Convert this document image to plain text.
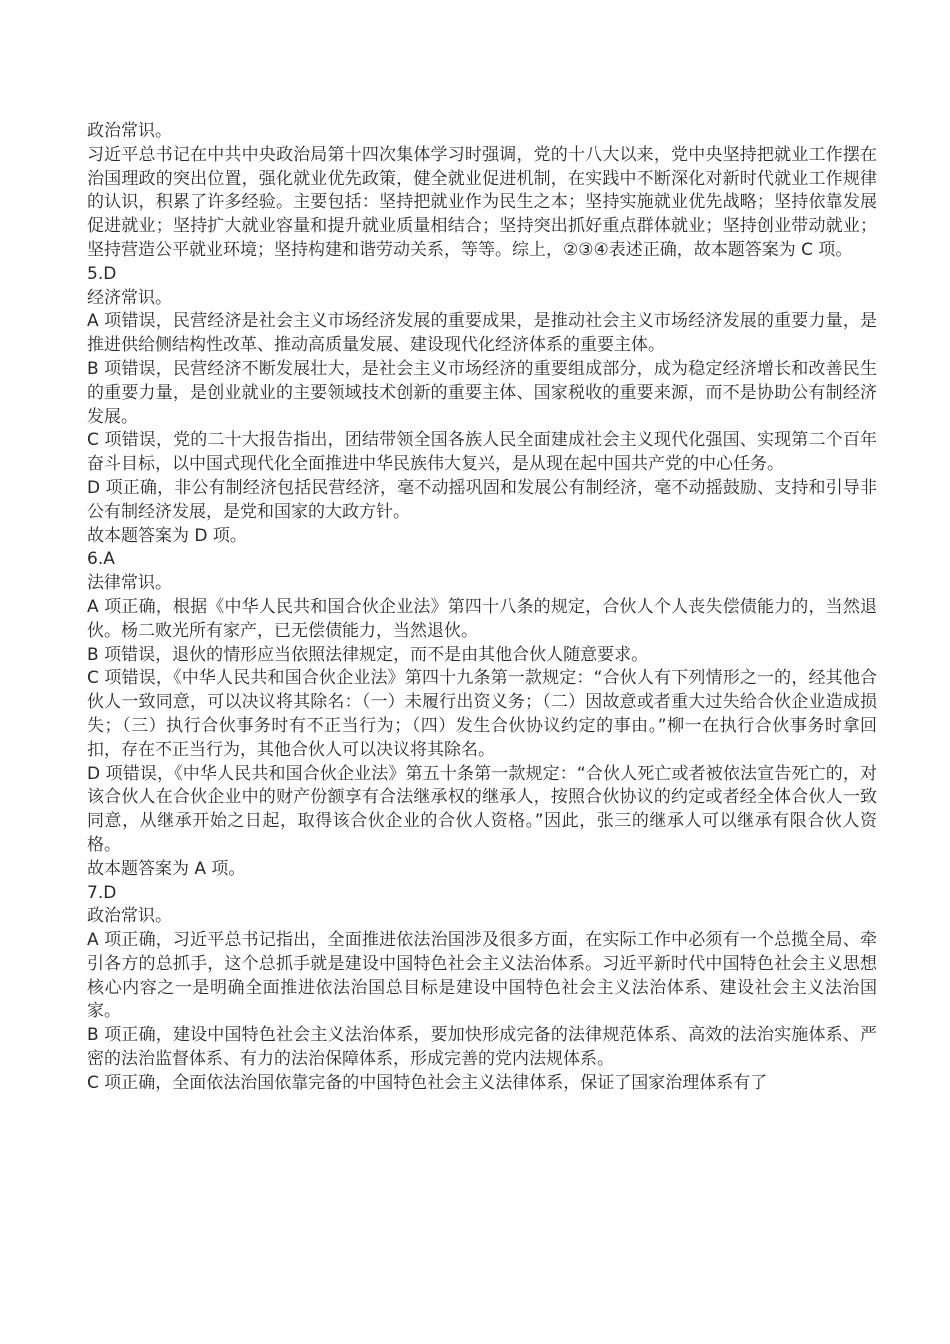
政治常识。

习近平总书记在中共中央政治局第十四次集体学习时强调，党的十八大以来，党中央坚持把就业工作摆在治国理政的突出位置，强化就业优先政策，健全就业促进机制，在实践中不断深化对新时代就业工作规律的认识，积累了许多经验。主要包括：坚持把就业作为民生之本；坚持实施就业优先战略；坚持依靠发展促进就业；坚持扩大就业容量和提升就业质量相结合；坚持突出抓好重点群体就业；坚持创业带动就业；坚持营造公平就业环境；坚持构建和谐劳动关系，等等。综上，②③④表述正确，故本题答案为 C 项。

5.D

经济常识。

A 项错误，民营经济是社会主义市场经济发展的重要成果，是推动社会主义市场经济发展的重要力量，是推进供给侧结构性改革、推动高质量发展、建设现代化经济体系的重要主体。

B 项错误，民营经济不断发展壮大，是社会主义市场经济的重要组成部分，成为稳定经济增长和改善民生的重要力量，是创业就业的主要领域技术创新的重要主体、国家税收的重要来源，而不是协助公有制经济发展。

C 项错误，党的二十大报告指出，团结带领全国各族人民全面建成社会主义现代化强国、实现第二个百年奋斗目标，以中国式现代化全面推进中华民族伟大复兴，是从现在起中国共产党的中心任务。

D 项正确，非公有制经济包括民营经济，毫不动摇巩固和发展公有制经济，毫不动摇鼓励、支持和引导非公有制经济发展，是党和国家的大政方针。

故本题答案为 D 项。

6.A

法律常识。

A 项正确，根据《中华人民共和国合伙企业法》第四十八条的规定，合伙人个人丧失偿债能力的，当然退伙。杨二败光所有家产，已无偿债能力，当然退伙。

B 项错误，退伙的情形应当依照法律规定，而不是由其他合伙人随意要求。

C 项错误，《中华人民共和国合伙企业法》第四十九条第一款规定：“合伙人有下列情形之一的，经其他合伙人一致同意，可以决议将其除名：（一）未履行出资义务；（二）因故意或者重大过失给合伙企业造成损失；（三）执行合伙事务时有不正当行为；（四）发生合伙协议约定的事由。”柳一在执行合伙事务时拿回扣，存在不正当行为，其他合伙人可以决议将其除名。

D 项错误，《中华人民共和国合伙企业法》第五十条第一款规定：“合伙人死亡或者被依法宣告死亡的，对该合伙人在合伙企业中的财产份额享有合法继承权的继承人，按照合伙协议的约定或者经全体合伙人一致同意，从继承开始之日起，取得该合伙企业的合伙人资格。”因此，张三的继承人可以继承有限合伙人资格。

故本题答案为 A 项。

7.D

政治常识。

A 项正确，习近平总书记指出，全面推进依法治国涉及很多方面，在实际工作中必须有一个总揽全局、牵引各方的总抓手，这个总抓手就是建设中国特色社会主义法治体系。习近平新时代中国特色社会主义思想核心内容之一是明确全面推进依法治国总目标是建设中国特色社会主义法治体系、建设社会主义法治国家。

B 项正确，建设中国特色社会主义法治体系，要加快形成完备的法律规范体系、高效的法治实施体系、严密的法治监督体系、有力的法治保障体系，形成完善的党内法规体系。

C 项正确，全面依法治国依靠完备的中国特色社会主义法律体系，保证了国家治理体系有了
